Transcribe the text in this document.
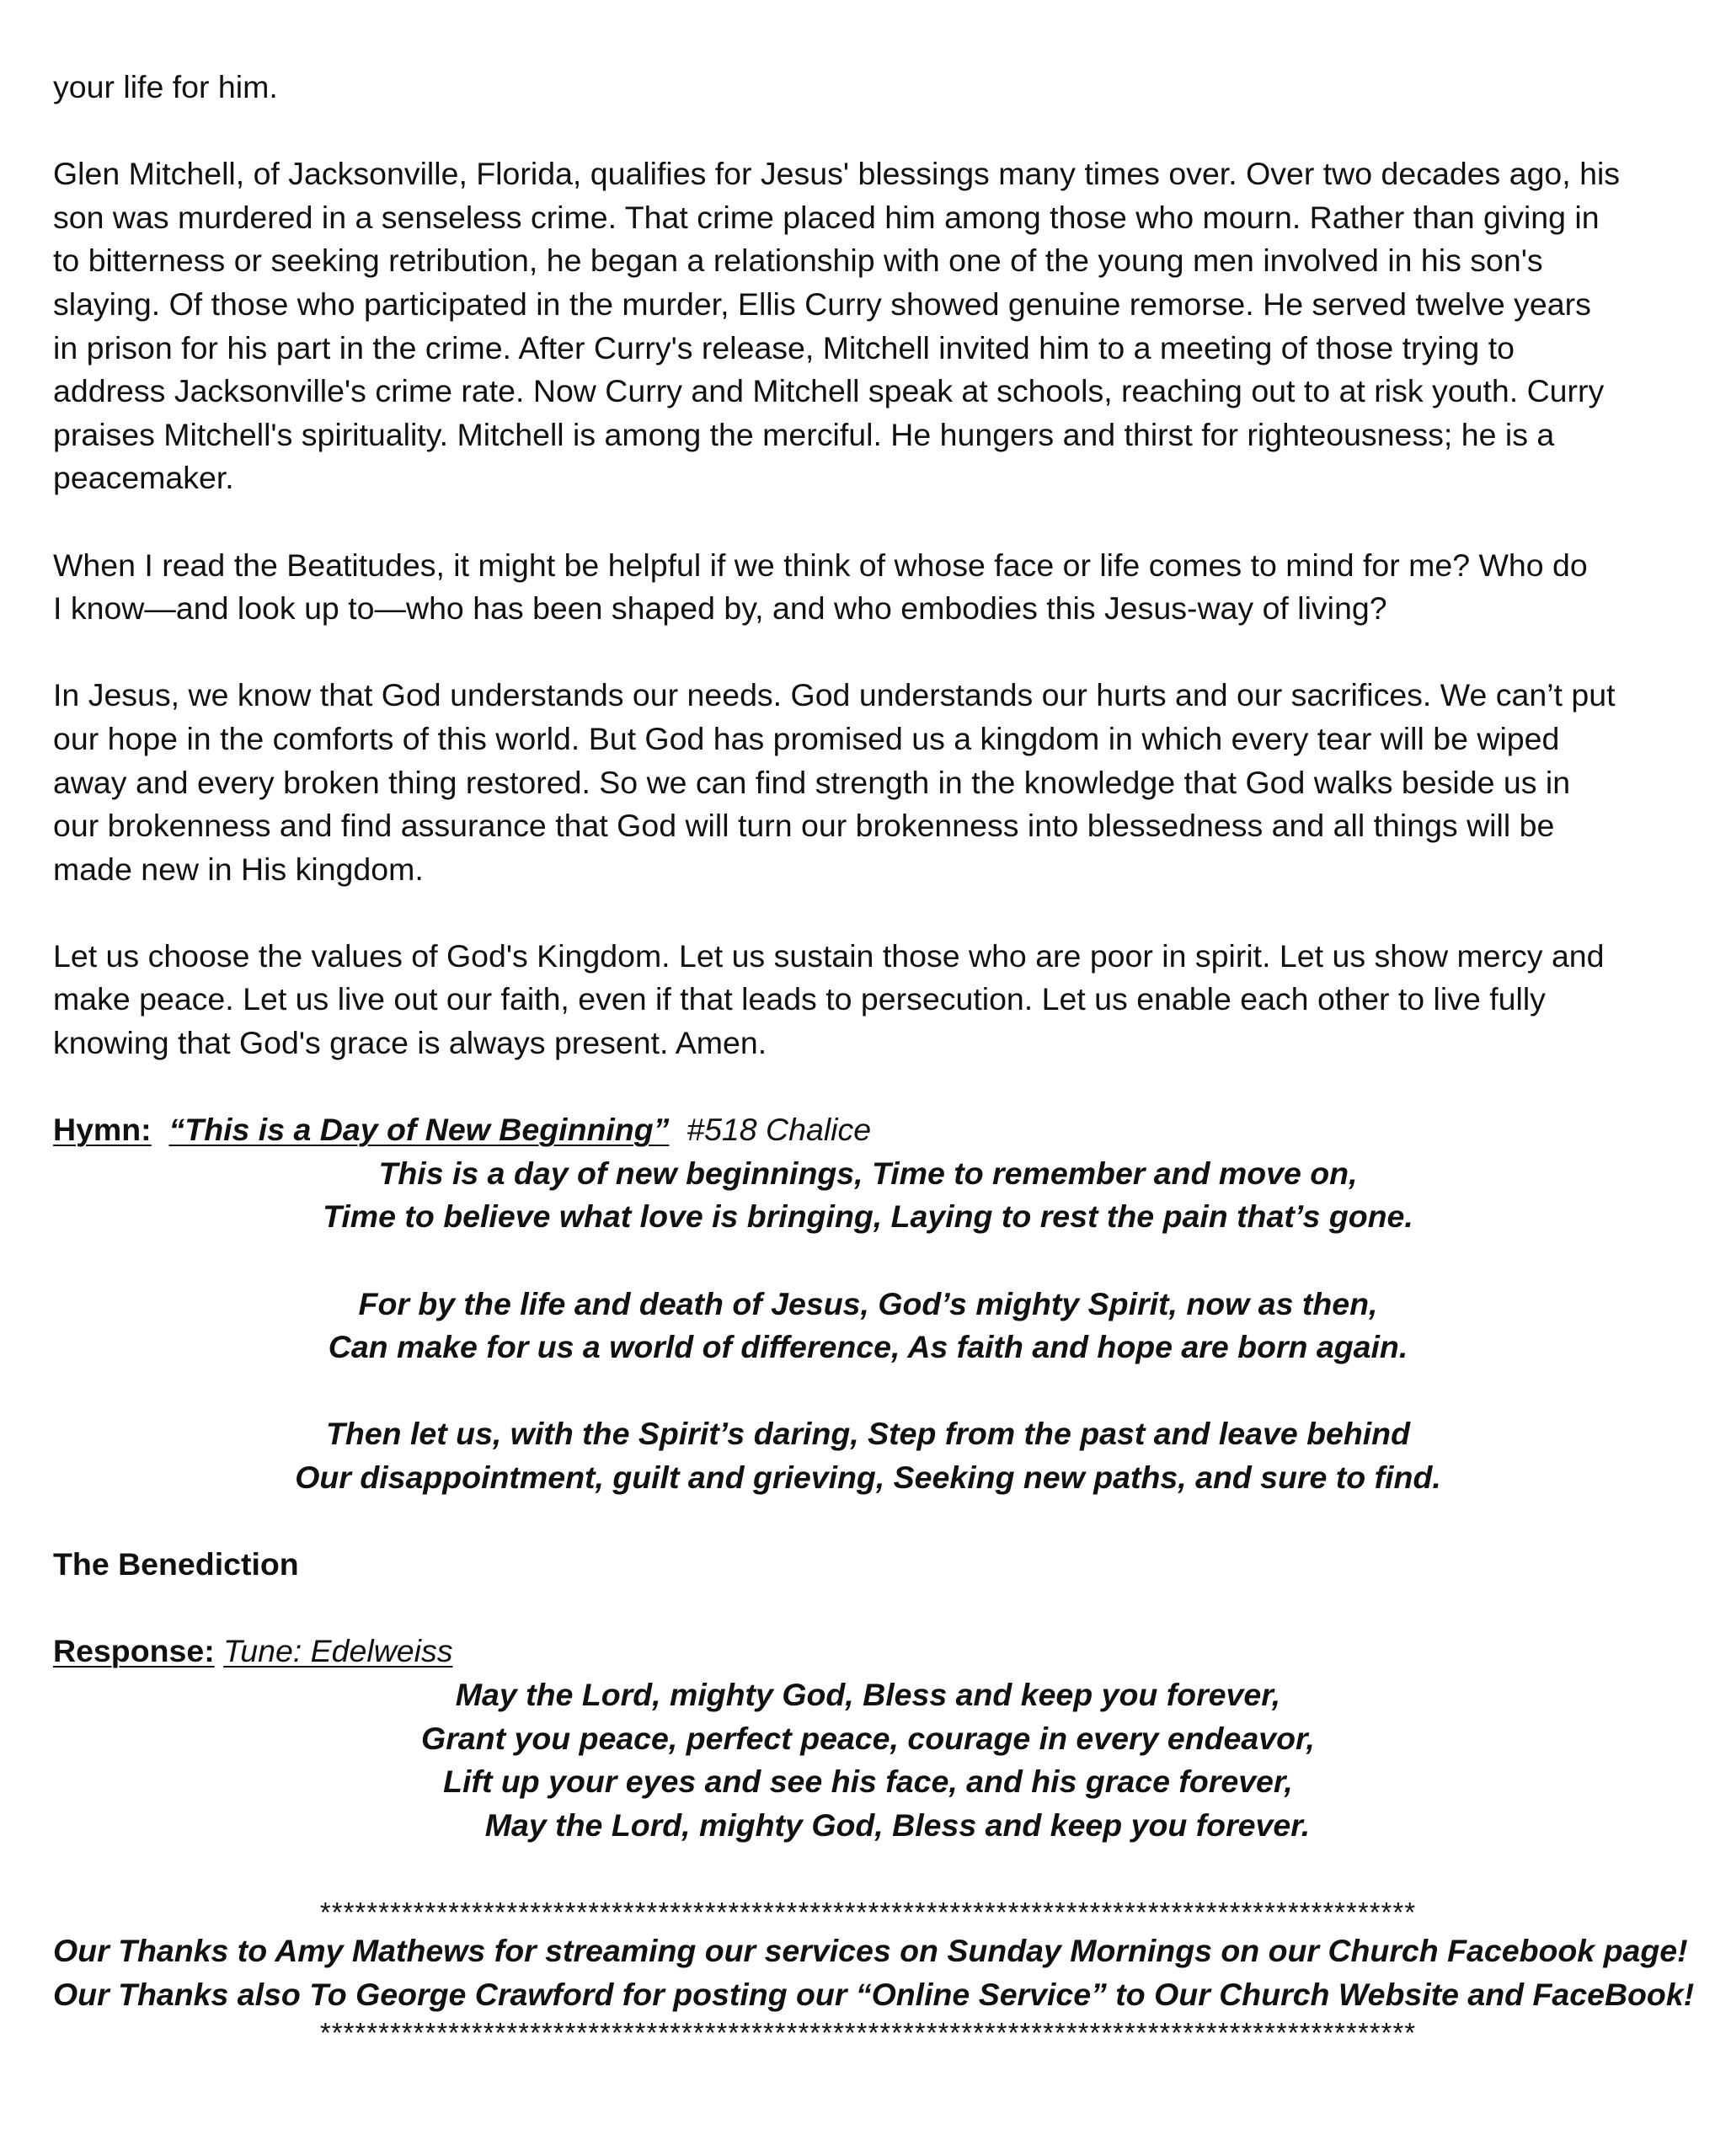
your life for him.

Glen Mitchell, of Jacksonville, Florida, qualifies for Jesus' blessings many times over. Over two decades ago, his
son was murdered in a senseless crime. That crime placed him among those who mourn. Rather than giving in
to bitterness or seeking retribution, he began a relationship with one of the young men involved in his son's
slaying. Of those who participated in the murder, Ellis Curry showed genuine remorse. He served twelve years
in prison for his part in the crime. After Curry's release, Mitchell invited him to a meeting of those trying to
address Jacksonville's crime rate. Now Curry and Mitchell speak at schools, reaching out to at risk youth. Curry
praises Mitchell's spirituality. Mitchell is among the merciful. He hungers and thirst for righteousness; he is a
peacemaker.

When I read the Beatitudes, it might be helpful if we think of whose face or life comes to mind for me? Who do
I know—and look up to—who has been shaped by, and who embodies this Jesus-way of living?

In Jesus, we know that God understands our needs. God understands our hurts and our sacrifices. We can’t put
our hope in the comforts of this world. But God has promised us a kingdom in which every tear will be wiped
away and every broken thing restored. So we can find strength in the knowledge that God walks beside us in
our brokenness and find assurance that God will turn our brokenness into blessedness and all things will be
made new in His kingdom.

Let us choose the values of God's Kingdom. Let us sustain those who are poor in spirit. Let us show mercy and
make peace. Let us live out our faith, even if that leads to persecution. Let us enable each other to live fully
knowing that God's grace is always present. Amen.

Hymn: “This is a Day of New Beginning” #518 Chalice

This is a day of new beginnings, Time to remember and move on,
Time to believe what love is bringing, Laying to rest the pain that’s gone.
For by the life and death of Jesus, God’s mighty Spirit, now as then,
Can make for us a world of difference, As faith and hope are born again.
Then let us, with the Spirit’s daring, Step from the past and leave behind
Our disappointment, guilt and grieving, Seeking new paths, and sure to find.

The Benediction

Response: Tune: Edelweiss

May the Lord, mighty God, Bless and keep you forever,
Grant you peace, perfect peace, courage in every endeavor,
Lift up your eyes and see his face, and his grace forever,
May the Lord, mighty God, Bless and keep you forever.
**********************************************************************************************
Our Thanks to Amy Mathews for streaming our services on Sunday Mornings on our Church Facebook page!
Our Thanks also To George Crawford for posting our “Online Service” to Our Church Website and FaceBook!
**********************************************************************************************
